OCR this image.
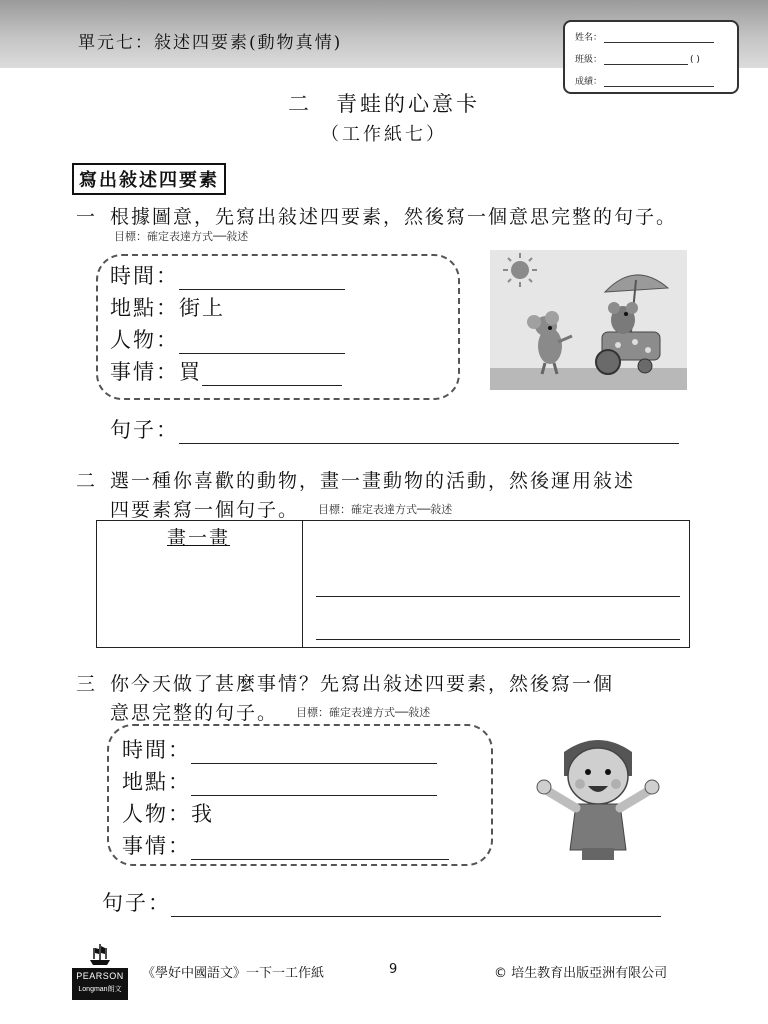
單元七：敍述四要素(動物真情)	姓名：
班級：	( )
成績：
二　青蛙的心意卡
（工作紙七）
寫出敍述四要素
一 根據圖意，先寫出敍述四要素，然後寫一個意思完整的句子。
目標：確定表達方式──敍述
時間：
地點： 街上
人物：
事情： 買
句子：
二 選一種你喜歡的動物，畫一畫動物的活動，然後運用敍述
四要素寫一個句子。 目標：確定表達方式──敍述
畫一畫
三 你今天做了甚麼事情？先寫出敍述四要素，然後寫一個
意思完整的句子。 目標：確定表達方式──敍述
時間：
地點：
人物： 我
事情：
句子：
PEARSON
Longman朗文
《學好中國語文》一下一工作紙	9	© 培生教育出版亞洲有限公司
